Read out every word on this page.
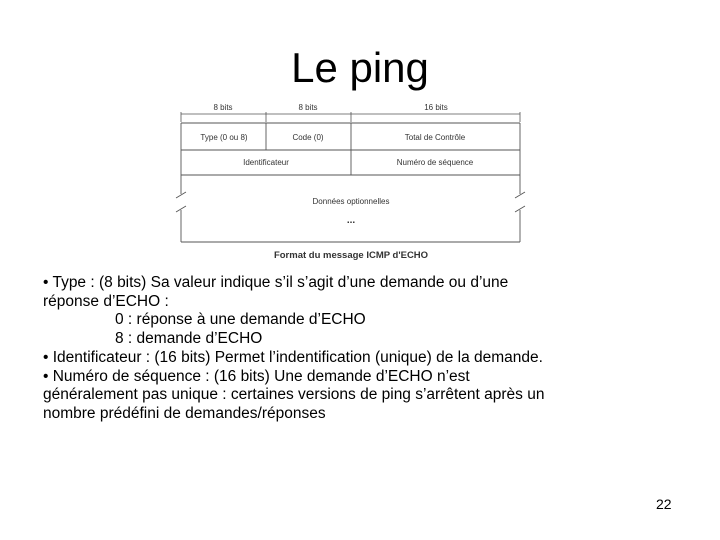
Le ping
8 bits	8 bits	16 bits
Type (0 ou 8)	Code (0)	Total de Contrôle
Identificateur	Numéro de séquence
Données optionnelles
...
Format du message ICMP d'ECHO
• Type : (8 bits) Sa valeur indique s’il s’agit d’une demande ou d’une
réponse d’ECHO :
0 : réponse à une demande d’ECHO
8 : demande d’ECHO
• Identificateur : (16 bits) Permet l’indentification (unique) de la demande.
• Numéro de séquence : (16 bits) Une demande d’ECHO n’est
généralement pas unique : certaines versions de ping s’arrêtent après un
nombre prédéfini de demandes/réponses
22
